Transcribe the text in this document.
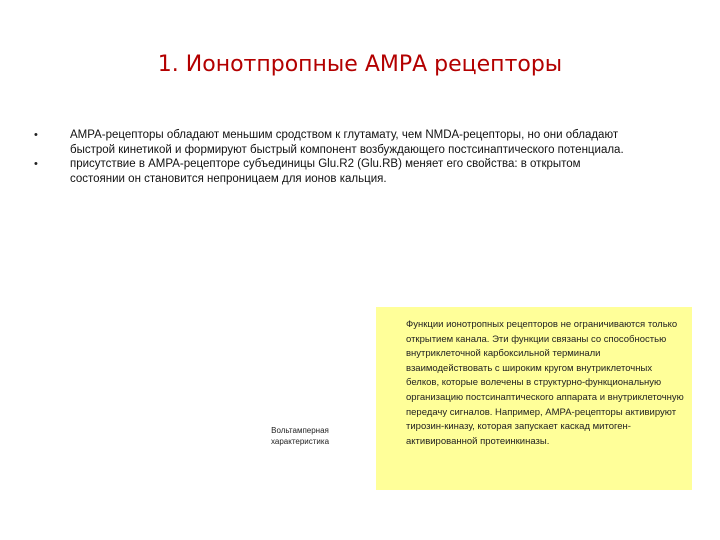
1. Ионотпропные АМРА рецепторы
•	AMPA-рецепторы обладают меньшим сродством к глутамату, чем NMDA-рецепторы, но они обладают быстрой кинетикой и формируют быстрый компонент возбуждающего постсинаптического потенциала.
•	присутствие в AMPA-рецепторе субъединицы Glu.R2 (Glu.RB) меняет его свойства: в открытом состоянии он становится непроницаем для ионов кальция.
Вольтамперная характеристика
Функции ионотропных рецепторов не ограничиваются только открытием канала. Эти функции связаны со способностью внутриклеточной карбоксильной терминали взаимодействовать с широким кругом внутриклеточных белков, которые волечены в структурно-функциональную организацию постсинаптического аппарата и внутриклеточную передачу сигналов. Например, AMPA-рецепторы активируют тирозин-киназу, которая запускает каскад митоген-активированной протеинкиназы.
